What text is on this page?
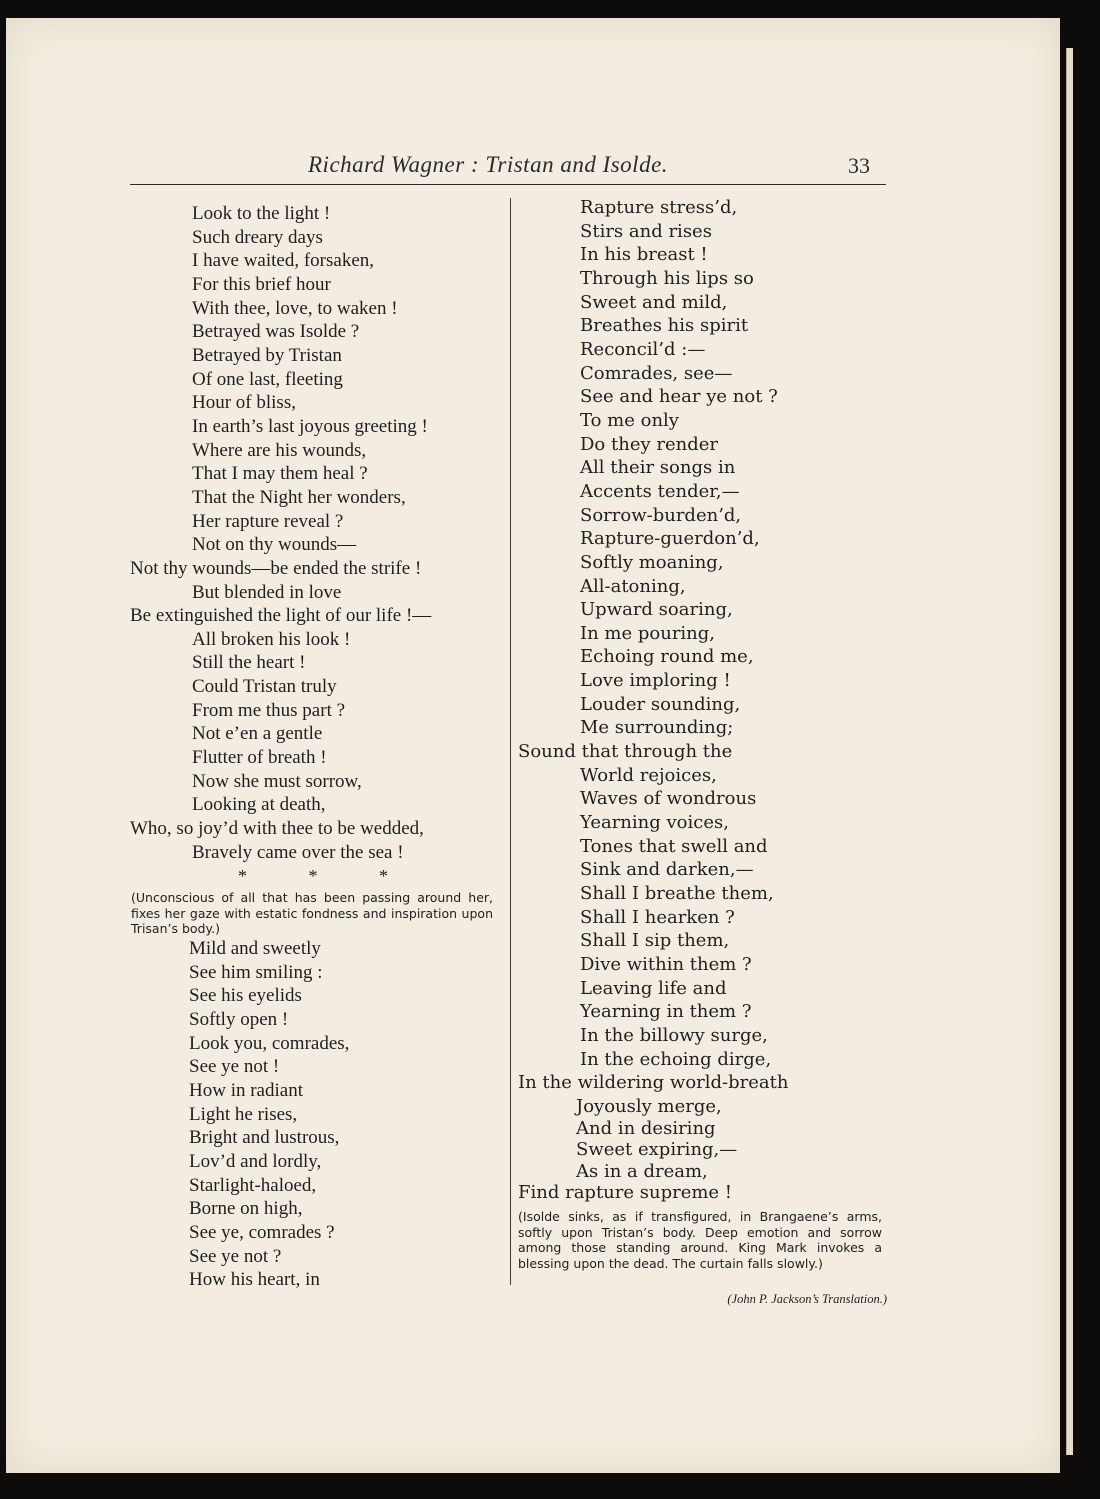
Richard Wagner : Tristan and Isolde.	33
Look to the light !
Such dreary days
I have waited, forsaken,
For this brief hour
With thee, love, to waken !
Betrayed was Isolde ?
Betrayed by Tristan
Of one last, fleeting
Hour of bliss,
In earth’s last joyous greeting !
Where are his wounds,
That I may them heal ?
That the Night her wonders,
Her rapture reveal ?
Not on thy wounds—
Not thy wounds—be ended the strife !
But blended in love
Be extinguished the light of our life !—
All broken his look !
Still the heart !
Could Tristan truly
From me thus part ?
Not e’en a gentle
Flutter of breath !
Now she must sorrow,
Looking at death,
Who, so joy’d with thee to be wedded,
Bravely came over the sea !
*	*	*

(Unconscious of all that has been passing around her, fixes her gaze with estatic fondness and inspiration upon Trisan’s body.)

Mild and sweetly
See him smiling :
See his eyelids
Softly open !
Look you, comrades,
See ye not !
How in radiant
Light he rises,
Bright and lustrous,
Lov’d and lordly,
Starlight-haloed,
Borne on high,
See ye, comrades ?
See ye not ?
How his heart, in
Rapture stress’d,
Stirs and rises
In his breast !
Through his lips so
Sweet and mild,
Breathes his spirit
Reconcil’d :—
Comrades, see—
See and hear ye not ?
To me only
Do they render
All their songs in
Accents tender,—
Sorrow-burden’d,
Rapture-guerdon’d,
Softly moaning,
All-atoning,
Upward soaring,
In me pouring,
Echoing round me,
Love imploring !
Louder sounding,
Me surrounding;
Sound that through the
World rejoices,
Waves of wondrous
Yearning voices,
Tones that swell and
Sink and darken,—
Shall I breathe them,
Shall I hearken ?
Shall I sip them,
Dive within them ?
Leaving life and
Yearning in them ?
In the billowy surge,
In the echoing dirge,
In the wildering world-breath
Joyously merge,
And in desiring
Sweet expiring,—
As in a dream,
Find rapture supreme !

(Isolde sinks, as if transfigured, in Brangaene’s arms, softly upon Tristan’s body. Deep emotion and sorrow among those standing around. King Mark invokes a blessing upon the dead. The curtain falls slowly.)

(John P. Jackson’s Translation.)
